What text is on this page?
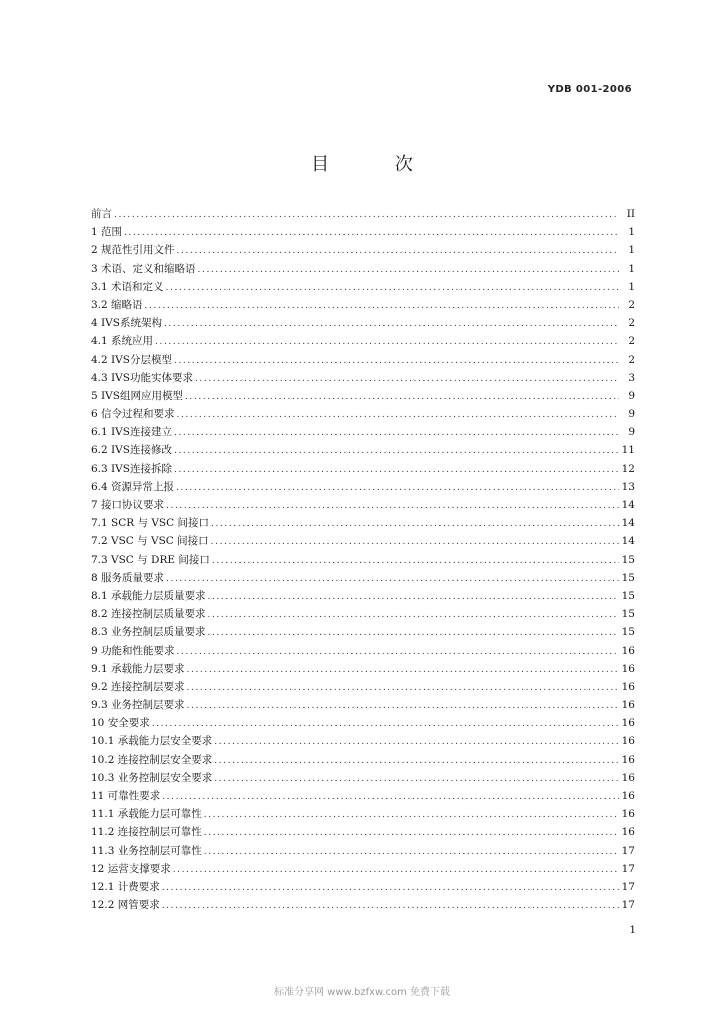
YDB 001-2006
目 次
前言 .....	II
1 范围 .....	1
2 规范性引用文件 .....	1
3 术语、定义和缩略语 .....	1
3.1 术语和定义 .....	1
3.2 缩略语 .....	2
4 IVS系统架构 .....	2
4.1 系统应用 .....	2
4.2 IVS分层模型 .....	2
4.3 IVS功能实体要求 .....	3
5 IVS组网应用模型 .....	9
6 信令过程和要求 .....	9
6.1 IVS连接建立 .....	9
6.2 IVS连接修改 .....	11
6.3 IVS连接拆除 .....	12
6.4 资源异常上报 .....	13
7 接口协议要求 .....	14
7.1 SCR 与 VSC 间接口 .....	14
7.2 VSC 与 VSC 间接口 .....	14
7.3 VSC 与 DRE 间接口 .....	15
8 服务质量要求 .....	15
8.1 承载能力层质量要求 .....	15
8.2 连接控制层质量要求 .....	15
8.3 业务控制层质量要求 .....	15
9 功能和性能要求 .....	16
9.1 承载能力层要求 .....	16
9.2 连接控制层要求 .....	16
9.3 业务控制层要求 .....	16
10 安全要求 .....	16
10.1 承载能力层安全要求 .....	16
10.2 连接控制层安全要求 .....	16
10.3 业务控制层安全要求 .....	16
11 可靠性要求 .....	16
11.1 承载能力层可靠性 .....	16
11.2 连接控制层可靠性 .....	16
11.3 业务控制层可靠性 .....	17
12 运营支撑要求 .....	17
12.1 计费要求 .....	17
12.2 网管要求 .....	17
1
标准分享网 www.bzfxw.com 免费下载
